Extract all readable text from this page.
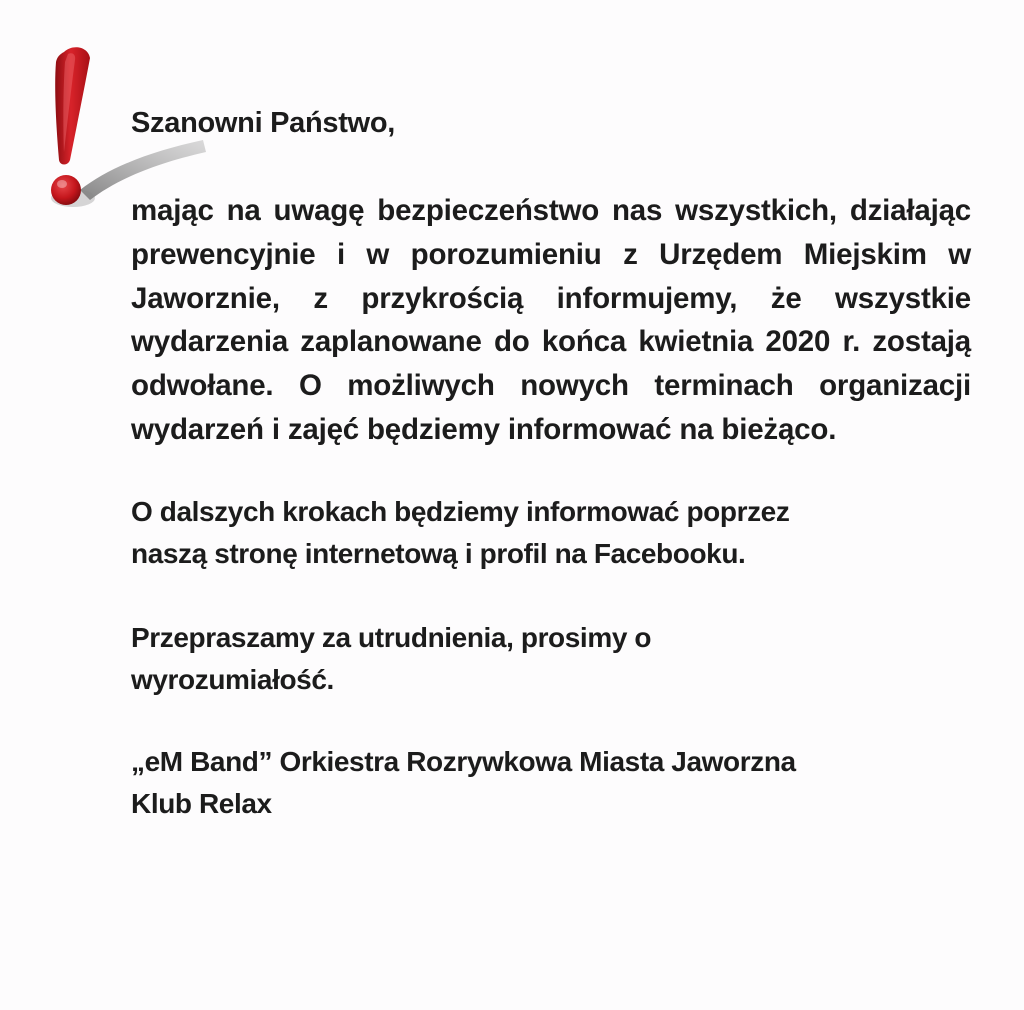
Szanowni Państwo,

mając na uwagę bezpieczeństwo nas wszystkich, działając prewencyjnie i w porozumieniu z Urzędem Miejskim w Jaworznie, z przykrością informujemy, że wszystkie wydarzenia zaplanowane do końca kwietnia 2020 r. zostają odwołane. O możliwych nowych terminach organizacji wydarzeń i zajęć będziemy informować na bieżąco.

O dalszych krokach będziemy informować poprzez
naszą stronę internetową i profil na Facebooku.

Przepraszamy za utrudnienia, prosimy o
wyrozumiałość.

„eM Band” Orkiestra Rozrywkowa Miasta Jaworzna
Klub Relax
